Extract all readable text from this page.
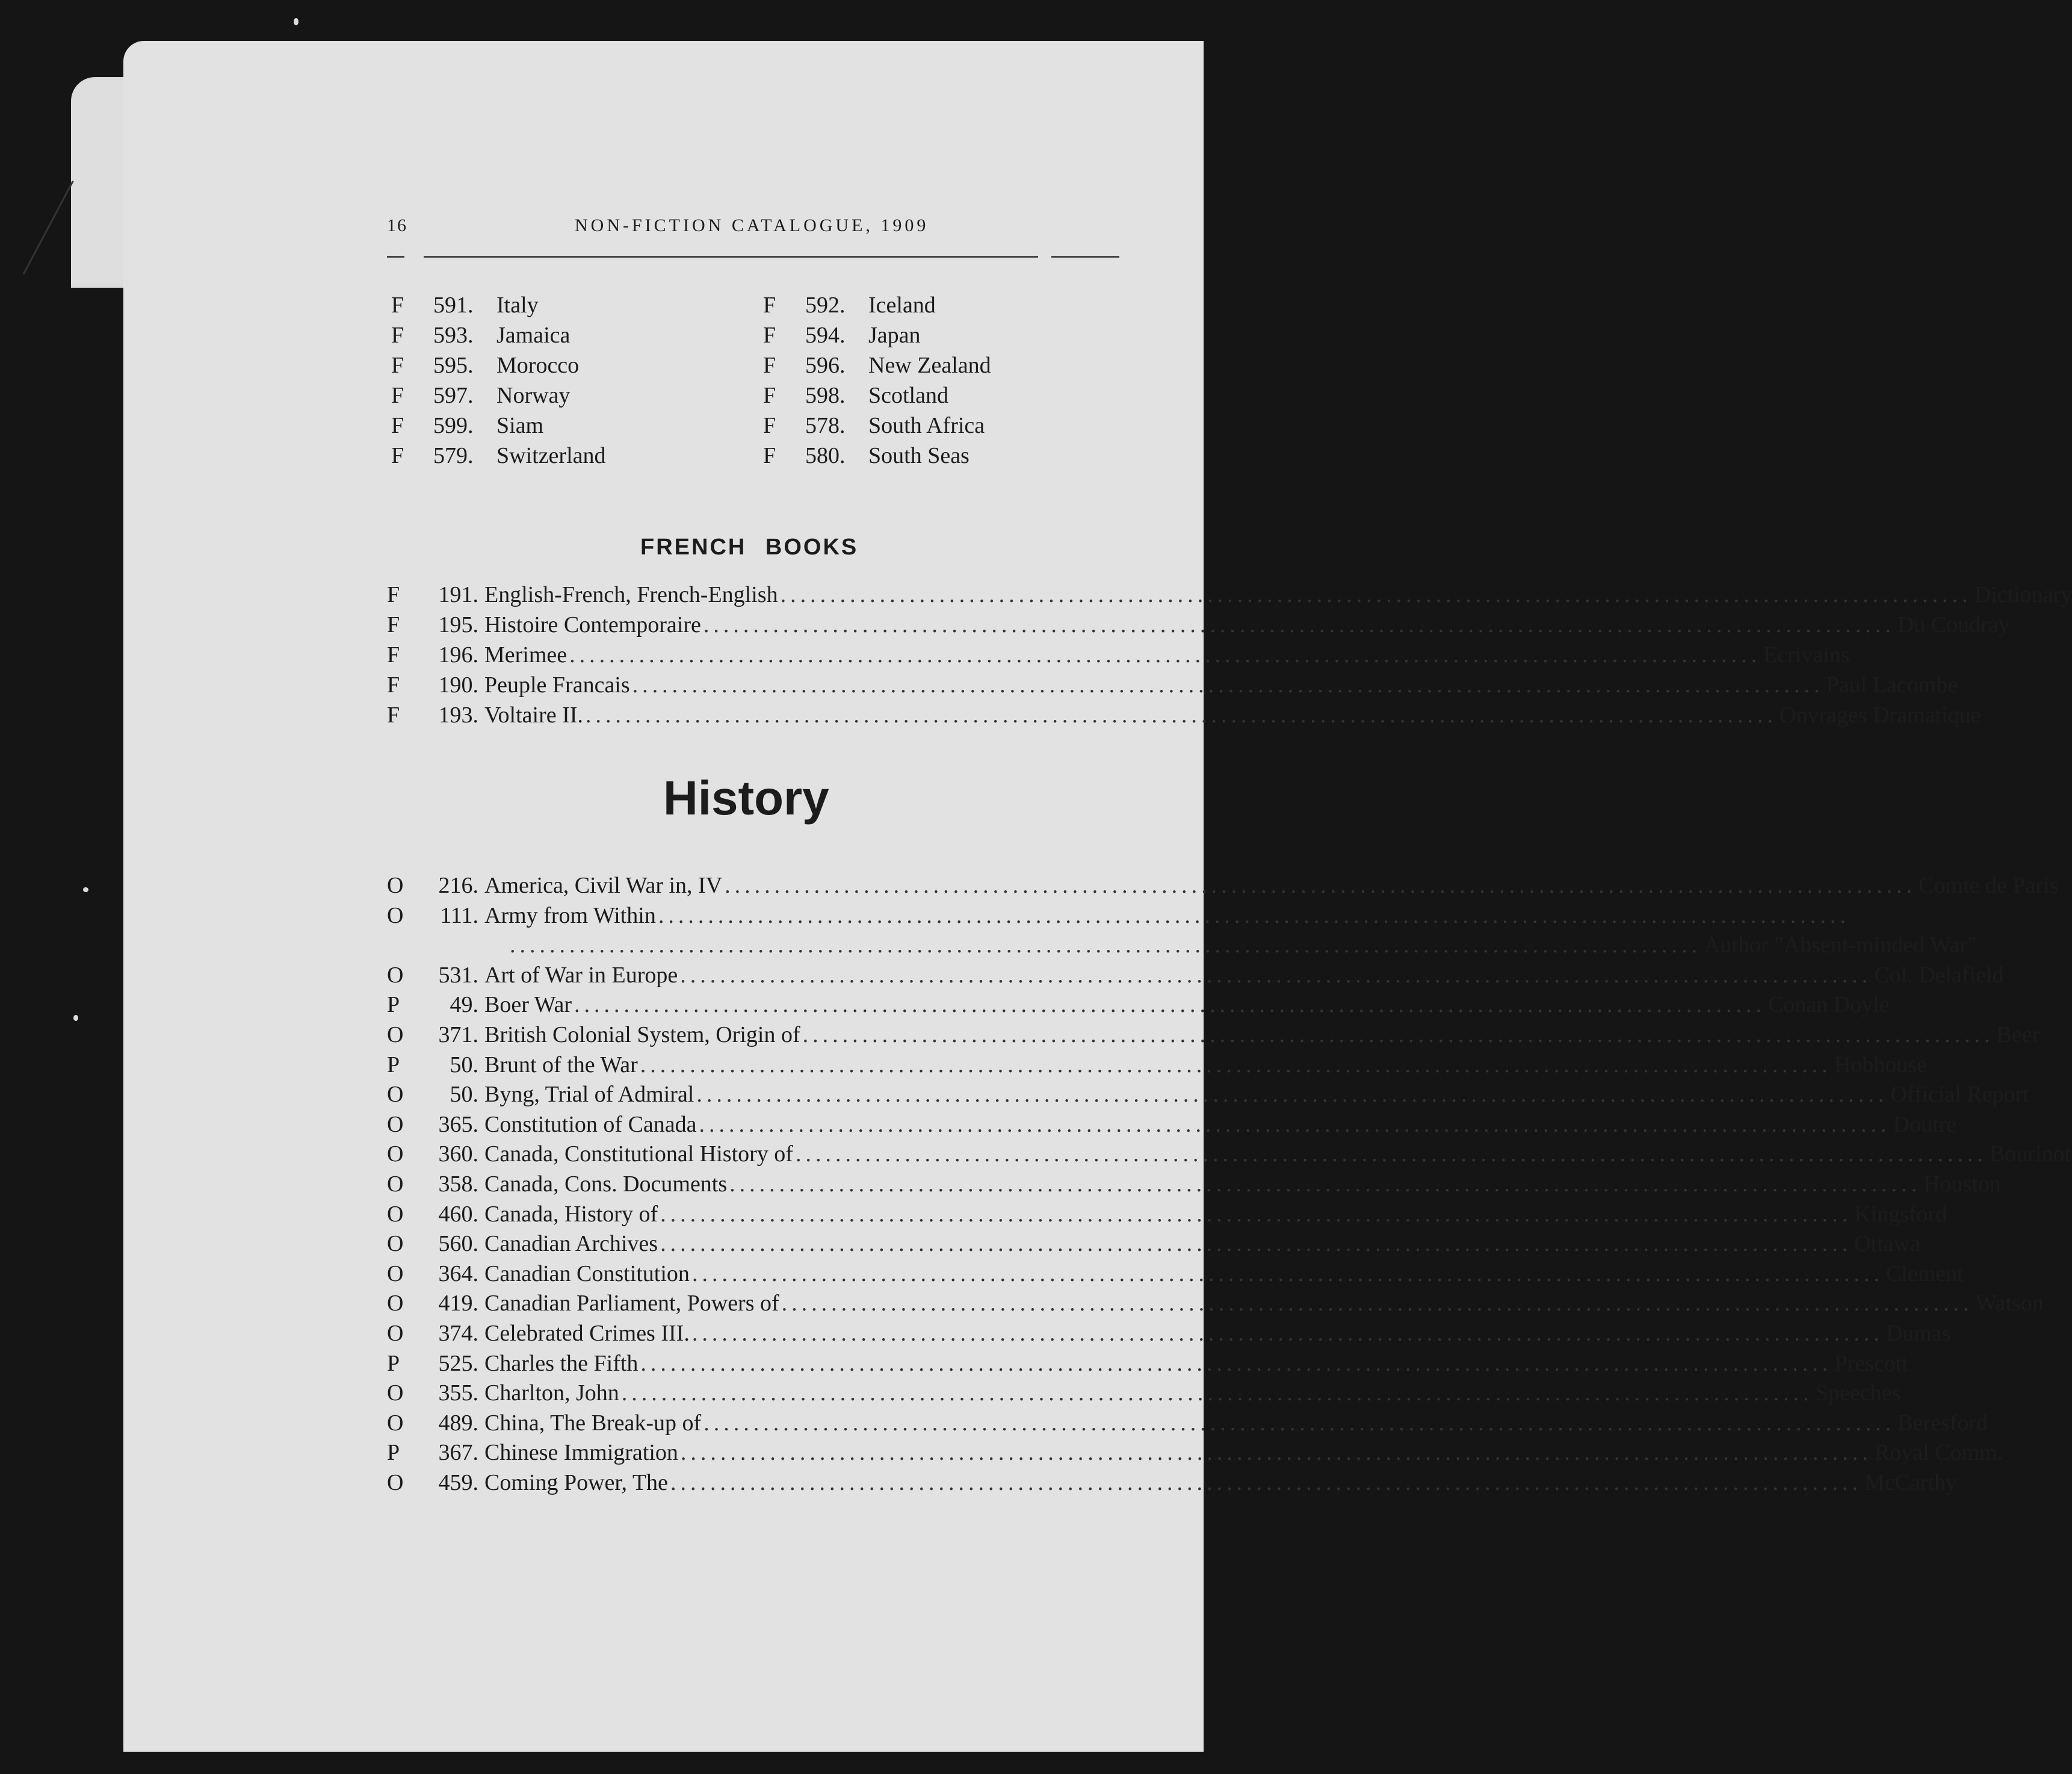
16	NON-FICTION CATALOGUE, 1909
F 591. Italy	F 592. Iceland
F 593. Jamaica	F 594. Japan
F 595. Morocco	F 596. New Zealand
F 597. Norway	F 598. Scotland
F 599. Siam	F 578. South Africa
F 579. Switzerland	F 580. South Seas
FRENCH BOOKS
F	191. English-French, French-English ........................................................................................................................ Dictionary
F	195. Histoire Contemporaire ........................................................................................................................ Du Coudray
F	196. Merimee ........................................................................................................................ Ecrivains
F	190. Peuple Francais ........................................................................................................................ Paul Lacombe
F	193. Voltaire II. ........................................................................................................................ Onvrages Dramatique
History
O	216. America, Civil War in, IV ........................................................................................................................ Comte de Paris
O	111. Army from Within ........................................................................................................................
........................................................................................................................ Author "Absent-minded War"
O	531. Art of War in Europe ........................................................................................................................ Col. Delafield
P	49. Boer War ........................................................................................................................ Conan Doyle
O	371. British Colonial System, Origin of ........................................................................................................................ Beer
P	50. Brunt of the War ........................................................................................................................ Hobhouse
O	50. Byng, Trial of Admiral ........................................................................................................................ Official Report
O	365. Constitution of Canada ........................................................................................................................ Doutre
O	360. Canada, Constitutional History of ........................................................................................................................ Bourinot
O	358. Canada, Cons. Documents ........................................................................................................................ Houston
O	460. Canada, History of ........................................................................................................................ Kingsford
O	560. Canadian Archives ........................................................................................................................ Ottawa
O	364. Canadian Constitution ........................................................................................................................ Clement
O	419. Canadian Parliament, Powers of ........................................................................................................................ Watson
O	374. Celebrated Crimes III. ........................................................................................................................ Dumas
P	525. Charles the Fifth ........................................................................................................................ Prescott
O	355. Charlton, John ........................................................................................................................ Speeches
O	489. China, The Break-up of ........................................................................................................................ Beresford
P	367. Chinese Immigration ........................................................................................................................ Royal Comm.
O	459. Coming Power, The ........................................................................................................................ McCarthy
